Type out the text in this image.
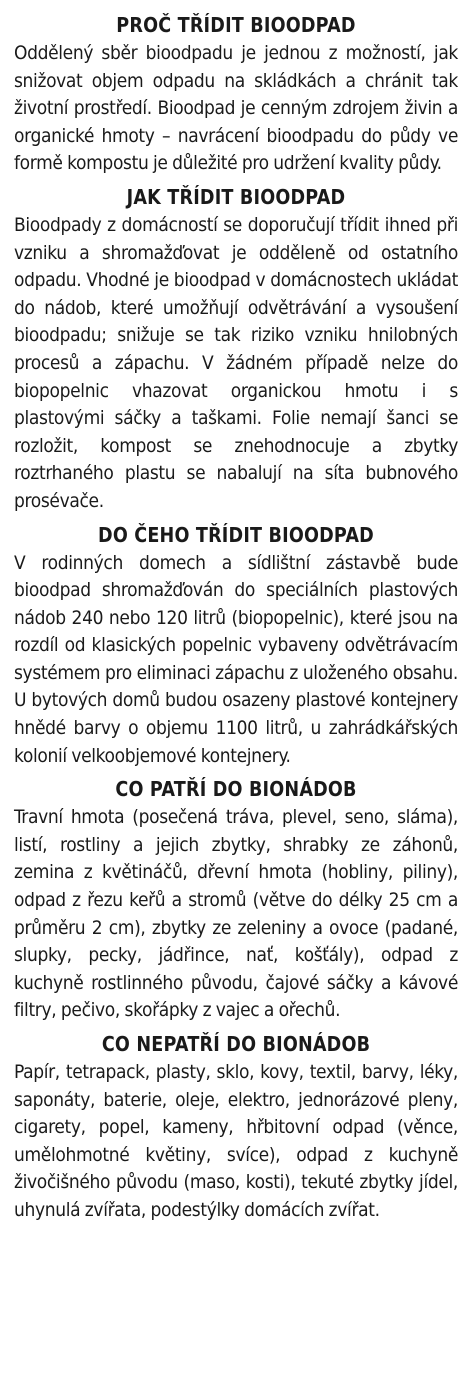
PROČ TŘÍDIT BIOODPAD

Oddělený sběr bioodpadu je jednou z možností, jak snižovat objem odpadu na skládkách a chránit tak životní prostředí. Bioodpad je cenným zdrojem živin a organické hmoty – navrácení bioodpadu do půdy ve formě kompostu je důležité pro udržení kvality půdy.

JAK TŘÍDIT BIOODPAD

Bioodpady z domácností se doporučují třídit ihned při vzniku a shromažďovat je odděleně od ostatního odpadu. Vhodné je bioodpad v domácnostech ukládat do nádob, které umožňují odvětrávání a vysoušení bioodpadu; snižuje se tak riziko vzniku hnilobných procesů a zápachu. V žádném případě nelze do biopopelnic vhazovat organickou hmotu i s plastovými sáčky a taškami. Folie nemají šanci se rozložit, kompost se znehodnocuje a zbytky roztrhaného plastu se nabalují na síta bubnového prosévače.

DO ČEHO TŘÍDIT BIOODPAD

V rodinných domech a sídlištní zástavbě bude bioodpad shromažďován do speciálních plastových nádob 240 nebo 120 litrů (biopopelnic), které jsou na rozdíl od klasických popelnic vybaveny odvětrávacím systémem pro eliminaci zápachu z uloženého obsahu. U bytových domů budou osazeny plastové kontejnery hnědé barvy o objemu 1100 litrů, u zahrádkářských kolonií velkoobjemové kontejnery.

CO PATŘÍ DO BIONÁDOB

Travní hmota (posečená tráva, plevel, seno, sláma), listí, rostliny a jejich zbytky, shrabky ze záhonů, zemina z květináčů, dřevní hmota (hobliny, piliny), odpad z řezu keřů a stromů (větve do délky 25 cm a průměru 2 cm), zbytky ze zeleniny a ovoce (padané, slupky, pecky, jádřince, nať, košťály), odpad z kuchyně rostlinného původu, čajové sáčky a kávové filtry, pečivo, skořápky z vajec a ořechů.

CO NEPATŘÍ DO BIONÁDOB

Papír, tetrapack, plasty, sklo, kovy, textil, barvy, léky, saponáty, baterie, oleje, elektro, jednorázové pleny, cigarety, popel, kameny, hřbitovní odpad (věnce, umělohmotné květiny, svíce), odpad z kuchyně živočišného původu (maso, kosti), tekuté zbytky jídel, uhynulá zvířata, podestýlky domácích zvířat.
